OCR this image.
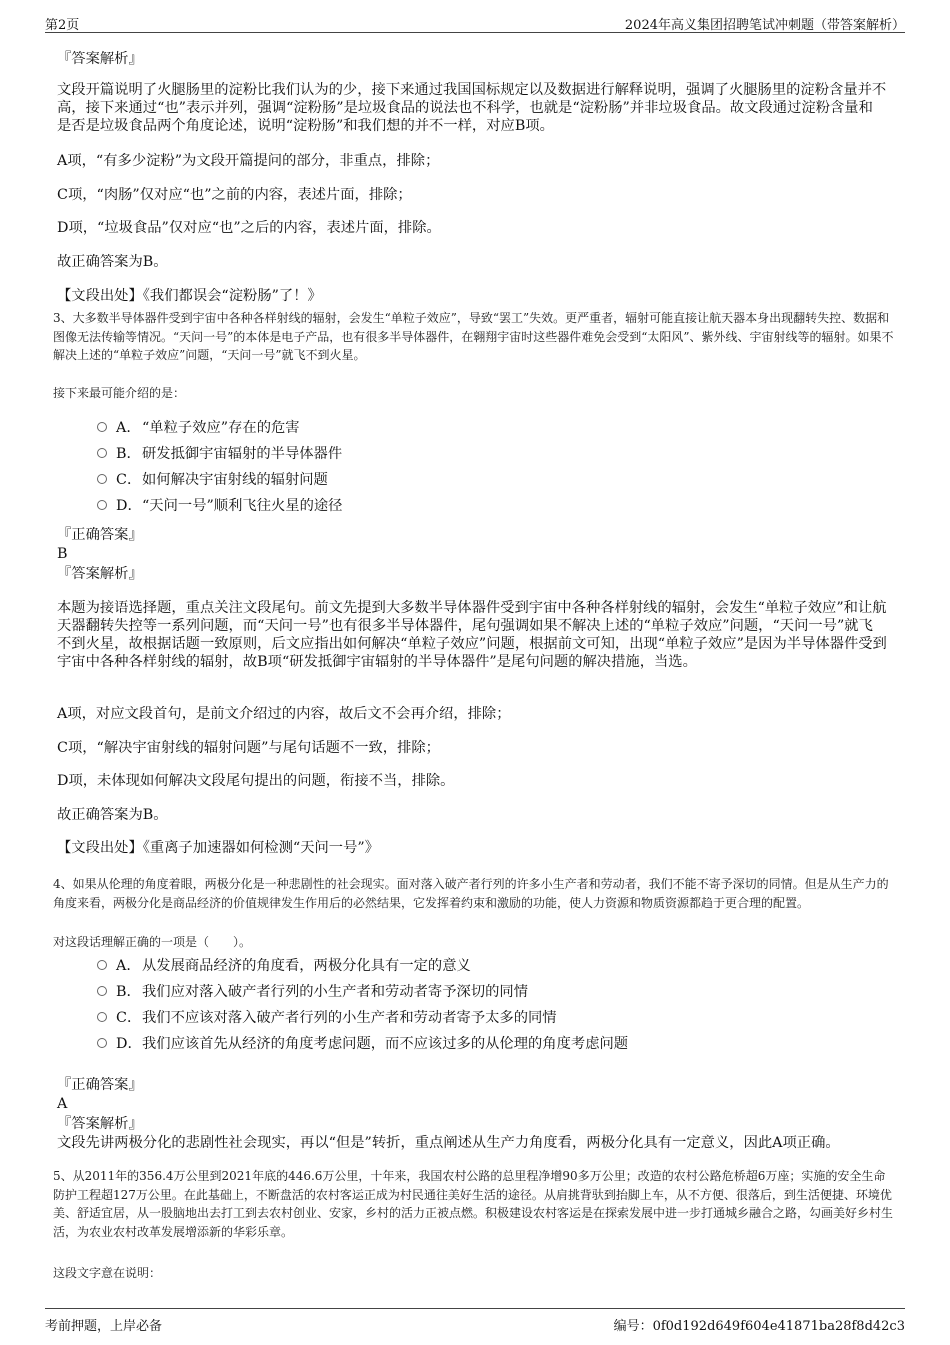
第2页	2024年高义集团招聘笔试冲刺题（带答案解析）
『答案解析』

文段开篇说明了火腿肠里的淀粉比我们认为的少，接下来通过我国国标规定以及数据进行解释说明，强调了火腿肠里的淀粉含量并不高，接下来通过“也”表示并列，强调“淀粉肠”是垃圾食品的说法也不科学，也就是“淀粉肠”并非垃圾食品。故文段通过淀粉含量和是否是垃圾食品两个角度论述，说明“淀粉肠”和我们想的并不一样，对应B项。

A项，“有多少淀粉”为文段开篇提问的部分，非重点，排除；
C项，“肉肠”仅对应“也”之前的内容，表述片面，排除；
D项，“垃圾食品”仅对应“也”之后的内容，表述片面，排除。
故正确答案为B。
【文段出处】《我们都误会“淀粉肠”了！》

3、大多数半导体器件受到宇宙中各种各样射线的辐射，会发生“单粒子效应”，导致“罢工”失效。更严重者，辐射可能直接让航天器本身出现翻转失控、数据和图像无法传输等情况。“天问一号”的本体是电子产品，也有很多半导体器件，在翱翔宇宙时这些器件难免会受到“太阳风”、紫外线、宇宙射线等的辐射。如果不解决上述的“单粒子效应”问题，“天问一号”就飞不到火星。

接下来最可能介绍的是：
A．“单粒子效应”存在的危害
B．研发抵御宇宙辐射的半导体器件
C．如何解决宇宙射线的辐射问题
D．“天问一号”顺利飞往火星的途径
『正确答案』
B
『答案解析』

本题为接语选择题，重点关注文段尾句。前文先提到大多数半导体器件受到宇宙中各种各样射线的辐射，会发生“单粒子效应”和让航天器翻转失控等一系列问题，而“天问一号”也有很多半导体器件，尾句强调如果不解决上述的“单粒子效应”问题，“天问一号”就飞不到火星，故根据话题一致原则，后文应指出如何解决“单粒子效应”问题，根据前文可知，出现“单粒子效应”是因为半导体器件受到宇宙中各种各样射线的辐射，故B项“研发抵御宇宙辐射的半导体器件”是尾句问题的解决措施，当选。

A项，对应文段首句，是前文介绍过的内容，故后文不会再介绍，排除；
C项，“解决宇宙射线的辐射问题”与尾句话题不一致，排除；
D项，未体现如何解决文段尾句提出的问题，衔接不当，排除。
故正确答案为B。
【文段出处】《重离子加速器如何检测“天问一号”》

4、如果从伦理的角度着眼，两极分化是一种悲剧性的社会现实。面对落入破产者行列的许多小生产者和劳动者，我们不能不寄予深切的同情。但是从生产力的角度来看，两极分化是商品经济的价值规律发生作用后的必然结果，它发挥着约束和激励的功能，使人力资源和物质资源都趋于更合理的配置。

对这段话理解正确的一项是（　　）。
A．从发展商品经济的角度看，两极分化具有一定的意义
B．我们应对落入破产者行列的小生产者和劳动者寄予深切的同情
C．我们不应该对落入破产者行列的小生产者和劳动者寄予太多的同情
D．我们应该首先从经济的角度考虑问题，而不应该过多的从伦理的角度考虑问题
『正确答案』
A
『答案解析』

文段先讲两极分化的悲剧性社会现实，再以“但是”转折，重点阐述从生产力角度看，两极分化具有一定意义，因此A项正确。

5、从2011年的356.4万公里到2021年底的446.6万公里，十年来，我国农村公路的总里程净增90多万公里；改造的农村公路危桥超6万座；实施的安全生命防护工程超127万公里。在此基础上，不断盘活的农村客运正成为村民通往美好生活的途径。从肩挑背驮到抬脚上车，从不方便、很落后，到生活便捷、环境优美、舒适宜居，从一股脑地出去打工到去农村创业、安家，乡村的活力正被点燃。积极建设农村客运是在探索发展中进一步打通城乡融合之路，勾画美好乡村生活，为农业农村改革发展增添新的华彩乐章。

这段文字意在说明：
考前押题，上岸必备	编号：0f0d192d649f604e41871ba28f8d42c3
